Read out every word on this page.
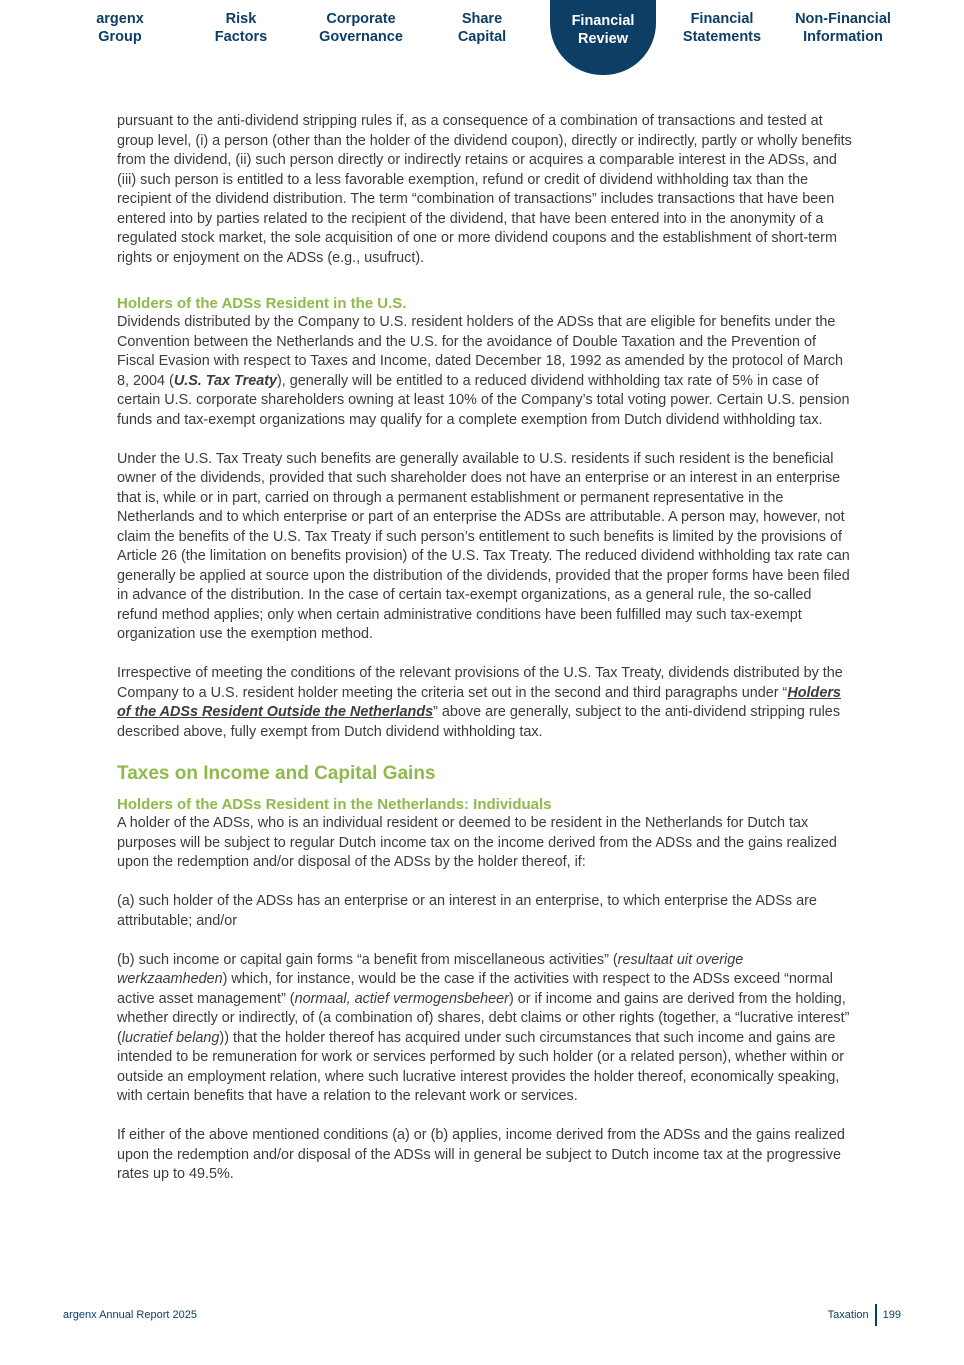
argenx
Group
Risk
Factors
Corporate
Governance
Share
Capital
Financial
Review
Financial
Statements
Non-Financial
Information

pursuant to the anti-dividend stripping rules if, as a consequence of a combination of transactions and tested at group level, (i) a person (other than the holder of the dividend coupon), directly or indirectly, partly or wholly benefits from the dividend, (ii) such person directly or indirectly retains or acquires a comparable interest in the ADSs, and (iii) such person is entitled to a less favorable exemption, refund or credit of dividend withholding tax than the recipient of the dividend distribution. The term “combination of transactions” includes transactions that have been entered into by parties related to the recipient of the dividend, that have been entered into in the anonymity of a regulated stock market, the sole acquisition of one or more dividend coupons and the establishment of short-term rights or enjoyment on the ADSs (e.g., usufruct).

Holders of the ADSs Resident in the U.S.

Dividends distributed by the Company to U.S. resident holders of the ADSs that are eligible for benefits under the Convention between the Netherlands and the U.S. for the avoidance of Double Taxation and the Prevention of Fiscal Evasion with respect to Taxes and Income, dated December 18, 1992 as amended by the protocol of March 8, 2004 (U.S. Tax Treaty), generally will be entitled to a reduced dividend withholding tax rate of 5% in case of certain U.S. corporate shareholders owning at least 10% of the Company’s total voting power. Certain U.S. pension funds and tax-exempt organizations may qualify for a complete exemption from Dutch dividend withholding tax.

Under the U.S. Tax Treaty such benefits are generally available to U.S. residents if such resident is the beneficial owner of the dividends, provided that such shareholder does not have an enterprise or an interest in an enterprise that is, while or in part, carried on through a permanent establishment or permanent representative in the Netherlands and to which enterprise or part of an enterprise the ADSs are attributable. A person may, however, not claim the benefits of the U.S. Tax Treaty if such person’s entitlement to such benefits is limited by the provisions of Article 26 (the limitation on benefits provision) of the U.S. Tax Treaty. The reduced dividend withholding tax rate can generally be applied at source upon the distribution of the dividends, provided that the proper forms have been filed in advance of the distribution. In the case of certain tax-exempt organizations, as a general rule, the so-called refund method applies; only when certain administrative conditions have been fulfilled may such tax-exempt organization use the exemption method.

Irrespective of meeting the conditions of the relevant provisions of the U.S. Tax Treaty, dividends distributed by the Company to a U.S. resident holder meeting the criteria set out in the second and third paragraphs under “Holders of the ADSs Resident Outside the Netherlands” above are generally, subject to the anti-dividend stripping rules described above, fully exempt from Dutch dividend withholding tax.

Taxes on Income and Capital Gains
Holders of the ADSs Resident in the Netherlands: Individuals

A holder of the ADSs, who is an individual resident or deemed to be resident in the Netherlands for Dutch tax purposes will be subject to regular Dutch income tax on the income derived from the ADSs and the gains realized upon the redemption and/or disposal of the ADSs by the holder thereof, if:

(a) such holder of the ADSs has an enterprise or an interest in an enterprise, to which enterprise the ADSs are attributable; and/or

(b) such income or capital gain forms “a benefit from miscellaneous activities” (resultaat uit overige werkzaamheden) which, for instance, would be the case if the activities with respect to the ADSs exceed “normal active asset management” (normaal, actief vermogensbeheer) or if income and gains are derived from the holding, whether directly or indirectly, of (a combination of) shares, debt claims or other rights (together, a “lucrative interest” (lucratief belang)) that the holder thereof has acquired under such circumstances that such income and gains are intended to be remuneration for work or services performed by such holder (or a related person), whether within or outside an employment relation, where such lucrative interest provides the holder thereof, economically speaking, with certain benefits that have a relation to the relevant work or services.

If either of the above mentioned conditions (a) or (b) applies, income derived from the ADSs and the gains realized upon the redemption and/or disposal of the ADSs will in general be subject to Dutch income tax at the progressive rates up to 49.5%.

argenx Annual Report 2025	Taxation 199
